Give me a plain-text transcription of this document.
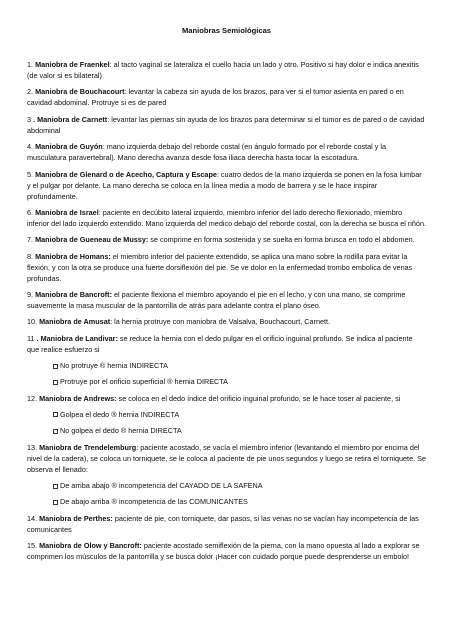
Maniobras Semiológicas
1. Maniobra de Fraenkel: al tacto vaginal se lateraliza el cuello hacia un lado y otro. Positivo si hay dolor e indica anexitis (de valor si es bilateral)
2. Maniobra de Bouchacourt: levantar la cabeza sin ayuda de los brazos, para ver si el tumor asienta en pared o en cavidad abdominal. Protruye si es de pared
3 . Maniobra de Carnett: levantar las piernas sin ayuda de los brazos para determinar si el tumor es de pared o de cavidad abdominal
4. Maniobra de Guyón: mano izquierda debajo del reborde costal (en ángulo formado por el reborde costal y la musculatura paravertebral). Mano derecha avanza desde fosa iliaca derecha hasta tocar la escotadura.
5. Maniobra de Glenard o de Acecho, Captura y Escape: cuatro dedos de la mano izquierda se ponen en la fosa lumbar y el pulgar por delante. La mano derecha se coloca en la línea media a modo de barrera y se le hace inspirar profundamente.
6. Maniobra de Israel: paciente en decúbito lateral izquierdo, miembro inferior del lado derecho flexionado, miembro inferior del lado izquierdo extendido. Mano izquierda del medico debajo del reborde costal, con la derecha se busca el riñón.
7. Maniobra de Gueneau de Mussy: se comprime en forma sostenida y se suelta en forma brusca en todo el abdomen.
8. Maniobra de Homans: el miembro inferior del paciente extendido, se aplica una mano sobre la rodilla para evitar la flexión, y con la otra se produce una fuerte dorsiflexión del pie. Se ve dolor en la enfermedad trombo embolica de venas profundas.
9. Maniobra de Bancroft: el paciente flexiona el miembro apoyando el pie en el lecho, y con una mano, se comprime suavemente la masa muscular de la pantorrilla de atrás para adelante contra el plano óseo.
10. Maniobra de Amusat: la hernia protruye con maniobra de Valsalva, Bouchacourt, Carnett.
11 . Maniobra de Landivar: se reduce la hernia con el dedo pulgar en el orificio inguinal profundo. Se indica al paciente que realice esfuerzo si
No protruye ® hernia INDIRECTA
Protruye por el orificio superficial ® hernia DIRECTA
12. Maniobra de Andrews: se coloca en el dedo índice del orificio inguinal profundo, se le hace toser al paciente, si
Golpea el dedo ® hernia INDIRECTA
No golpea el dedo ® hernia DIRECTA
13. Maniobra de Trendelemburg: paciente acostado, se vacía el miembro inferior (levantando el miembro por encima del nivel de la cadera), se coloca un torniquete, se le coloca al paciente de pie unos segundos y luego se retira el torniquete. Se observa el llenado:
De arriba abajo ® incompetencia del CAYADO DE LA SAFENA
De abajo arriba ® incompetencia de las COMUNICANTES
14. Maniobra de Perthes: paciente de pie, con torniquete, dar pasos, si las venas no se vacían hay incompetencia de las comunicantes
15. Maniobra de Olow y Bancroft: paciente acostado semiflexión de la pierna, con la mano opuesta al lado a explorar se comprimen los músculos de la pantorrilla y se busca dolor ¡Hacer con cuidado porque puede desprenderse un embolo!
